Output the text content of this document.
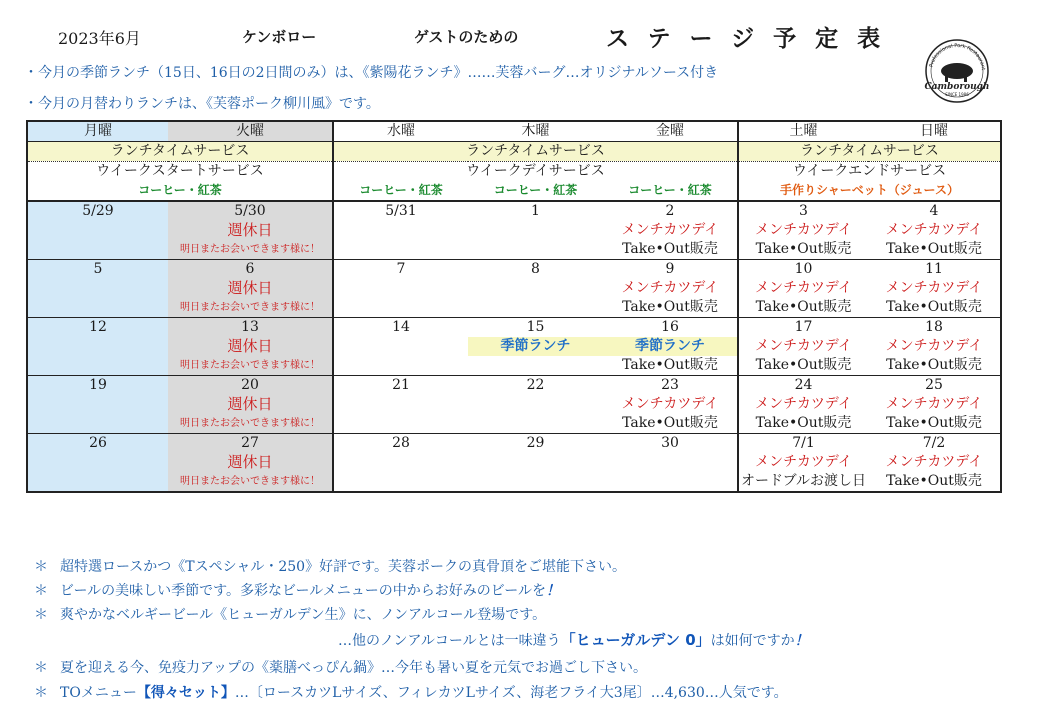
2023年6月	ケンボロー	ゲストのための	ステージ予定表
・今月の季節ランチ（15日、16日の2日間のみ）は、《紫陽花ランチ》……芙蓉バーグ…オリジナルソース付き
・今月の月替わりランチは、《芙蓉ポーク柳川風》です。
Professional Pork Restaurant
Camborough
SINCE 1986
月曜	火曜	水曜	木曜	金曜	土曜	日曜
ランチタイムサービス		ランチタイムサービス			ランチタイムサービス	
ウイークスタートサービス		ウイークデイサービス			ウイークエンドサービス	
コーヒー・紅茶		コーヒー・紅茶	コーヒー・紅茶	コーヒー・紅茶	手作りシャーベット（ジュース）	
5/29	5/30	5/31	1	2	3	4
	週休日			メンチカツデイ	メンチカツデイ	メンチカツデイ
	明日またお会いできます様に！			Take•Out販売	Take•Out販売	Take•Out販売
5	6	7	8	9	10	11
	週休日			メンチカツデイ	メンチカツデイ	メンチカツデイ
	明日またお会いできます様に！			Take•Out販売	Take•Out販売	Take•Out販売
12	13	14	15	16	17	18
	週休日		季節ランチ	季節ランチ	メンチカツデイ	メンチカツデイ
	明日またお会いできます様に！			Take•Out販売	Take•Out販売	Take•Out販売
19	20	21	22	23	24	25
	週休日			メンチカツデイ	メンチカツデイ	メンチカツデイ
	明日またお会いできます様に！			Take•Out販売	Take•Out販売	Take•Out販売
26	27	28	29	30	7/1	7/2
	週休日				メンチカツデイ	メンチカツデイ
	明日またお会いできます様に！				オードブルお渡し日	Take•Out販売
＊ 超特選ロースかつ《Tスペシャル・250》好評です。芙蓉ポークの真骨頂をご堪能下さい。
＊ ビールの美味しい季節です。多彩なビールメニューの中からお好みのビールを！
＊ 爽やかなベルギービール《ヒューガルデン生》に、ノンアルコール登場です。
…他のノンアルコールとは一味違う「ヒューガルデン 0」は如何ですか！
＊ 夏を迎える今、免疫力アップの《薬膳べっぴん鍋》…今年も暑い夏を元気でお過ごし下さい。
＊ TOメニュー【得々セット】…〔ロースカツLサイズ、フィレカツLサイズ、海老フライ大3尾〕…4,630…人気です。
